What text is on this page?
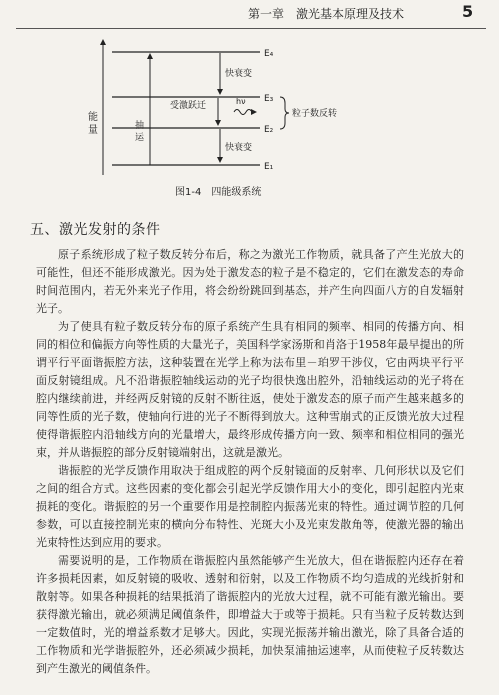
第一章　激光基本原理及技术	5
能
量
E₄
E₃
E₂
E₁
抽
运
快衰变
受激跃迁	hν
粒子数反转
快衰变
图1-4　四能级系统
五、激光发射的条件

原子系统形成了粒子数反转分布后，称之为激光工作物质，就具备了产生光放大的可能性，但还不能形成激光。因为处于激发态的粒子是不稳定的，它们在激发态的寿命时间范围内，若无外来光子作用，将会纷纷跳回到基态，并产生向四面八方的自发辐射光子。

为了使具有粒子数反转分布的原子系统产生具有相同的频率、相同的传播方向、相同的相位和偏振方向等性质的大量光子，美国科学家汤斯和肖洛于1958年最早提出的所谓平行平面谐振腔方法，这种装置在光学上称为法布里－珀罗干涉仪，它由两块平行平面反射镜组成。凡不沿谐振腔轴线运动的光子均很快逸出腔外，沿轴线运动的光子将在腔内继续前进，并经两反射镜的反射不断往返，使处于激发态的原子而产生越来越多的同等性质的光子数，使轴向行进的光子不断得到放大。这种雪崩式的正反馈光放大过程使得谐振腔内沿轴线方向的光量增大，最终形成传播方向一致、频率和相位相同的强光束，并从谐振腔的部分反射镜端射出，这就是激光。

谐振腔的光学反馈作用取决于组成腔的两个反射镜面的反射率、几何形状以及它们之间的组合方式。这些因素的变化都会引起光学反馈作用大小的变化，即引起腔内光束损耗的变化。谐振腔的另一个重要作用是控制腔内振荡光束的特性。通过调节腔的几何参数，可以直接控制光束的横向分布特性、光斑大小及光束发散角等，使激光器的输出光束特性达到应用的要求。

需要说明的是，工作物质在谐振腔内虽然能够产生光放大，但在谐振腔内还存在着许多损耗因素，如反射镜的吸收、透射和衍射，以及工作物质不均匀造成的光线折射和散射等。如果各种损耗的结果抵消了谐振腔内的光放大过程，就不可能有激光输出。要获得激光输出，就必须满足阈值条件，即增益大于或等于损耗。只有当粒子反转数达到一定数值时，光的增益系数才足够大。因此，实现光振荡并输出激光，除了具备合适的工作物质和光学谐振腔外，还必须减少损耗，加快泵浦抽运速率，从而使粒子反转数达到产生激光的阈值条件。
